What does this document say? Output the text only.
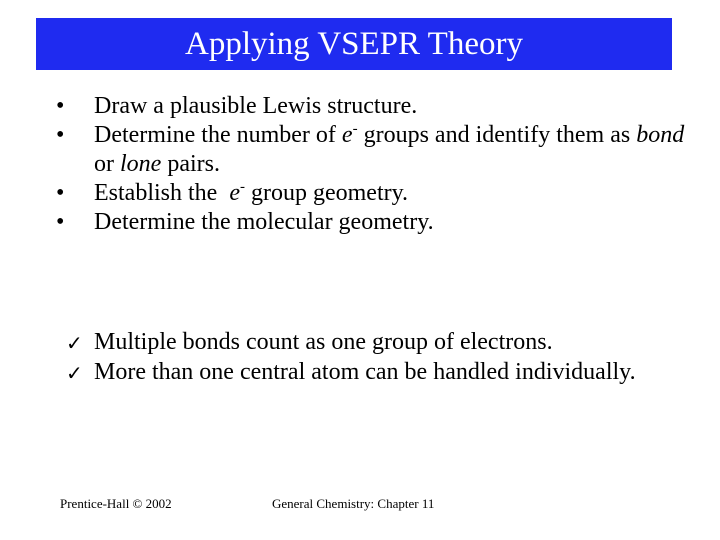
Applying VSEPR Theory
•	Draw a plausible Lewis structure.
•	Determine the number of e- groups and identify them as bond or lone pairs.
•	Establish the  e- group geometry.
•	Determine the molecular geometry.
✓ Multiple bonds count as one group of electrons.
✓ More than one central atom can be handled individually.
Prentice-Hall © 2002	General Chemistry: Chapter 11
